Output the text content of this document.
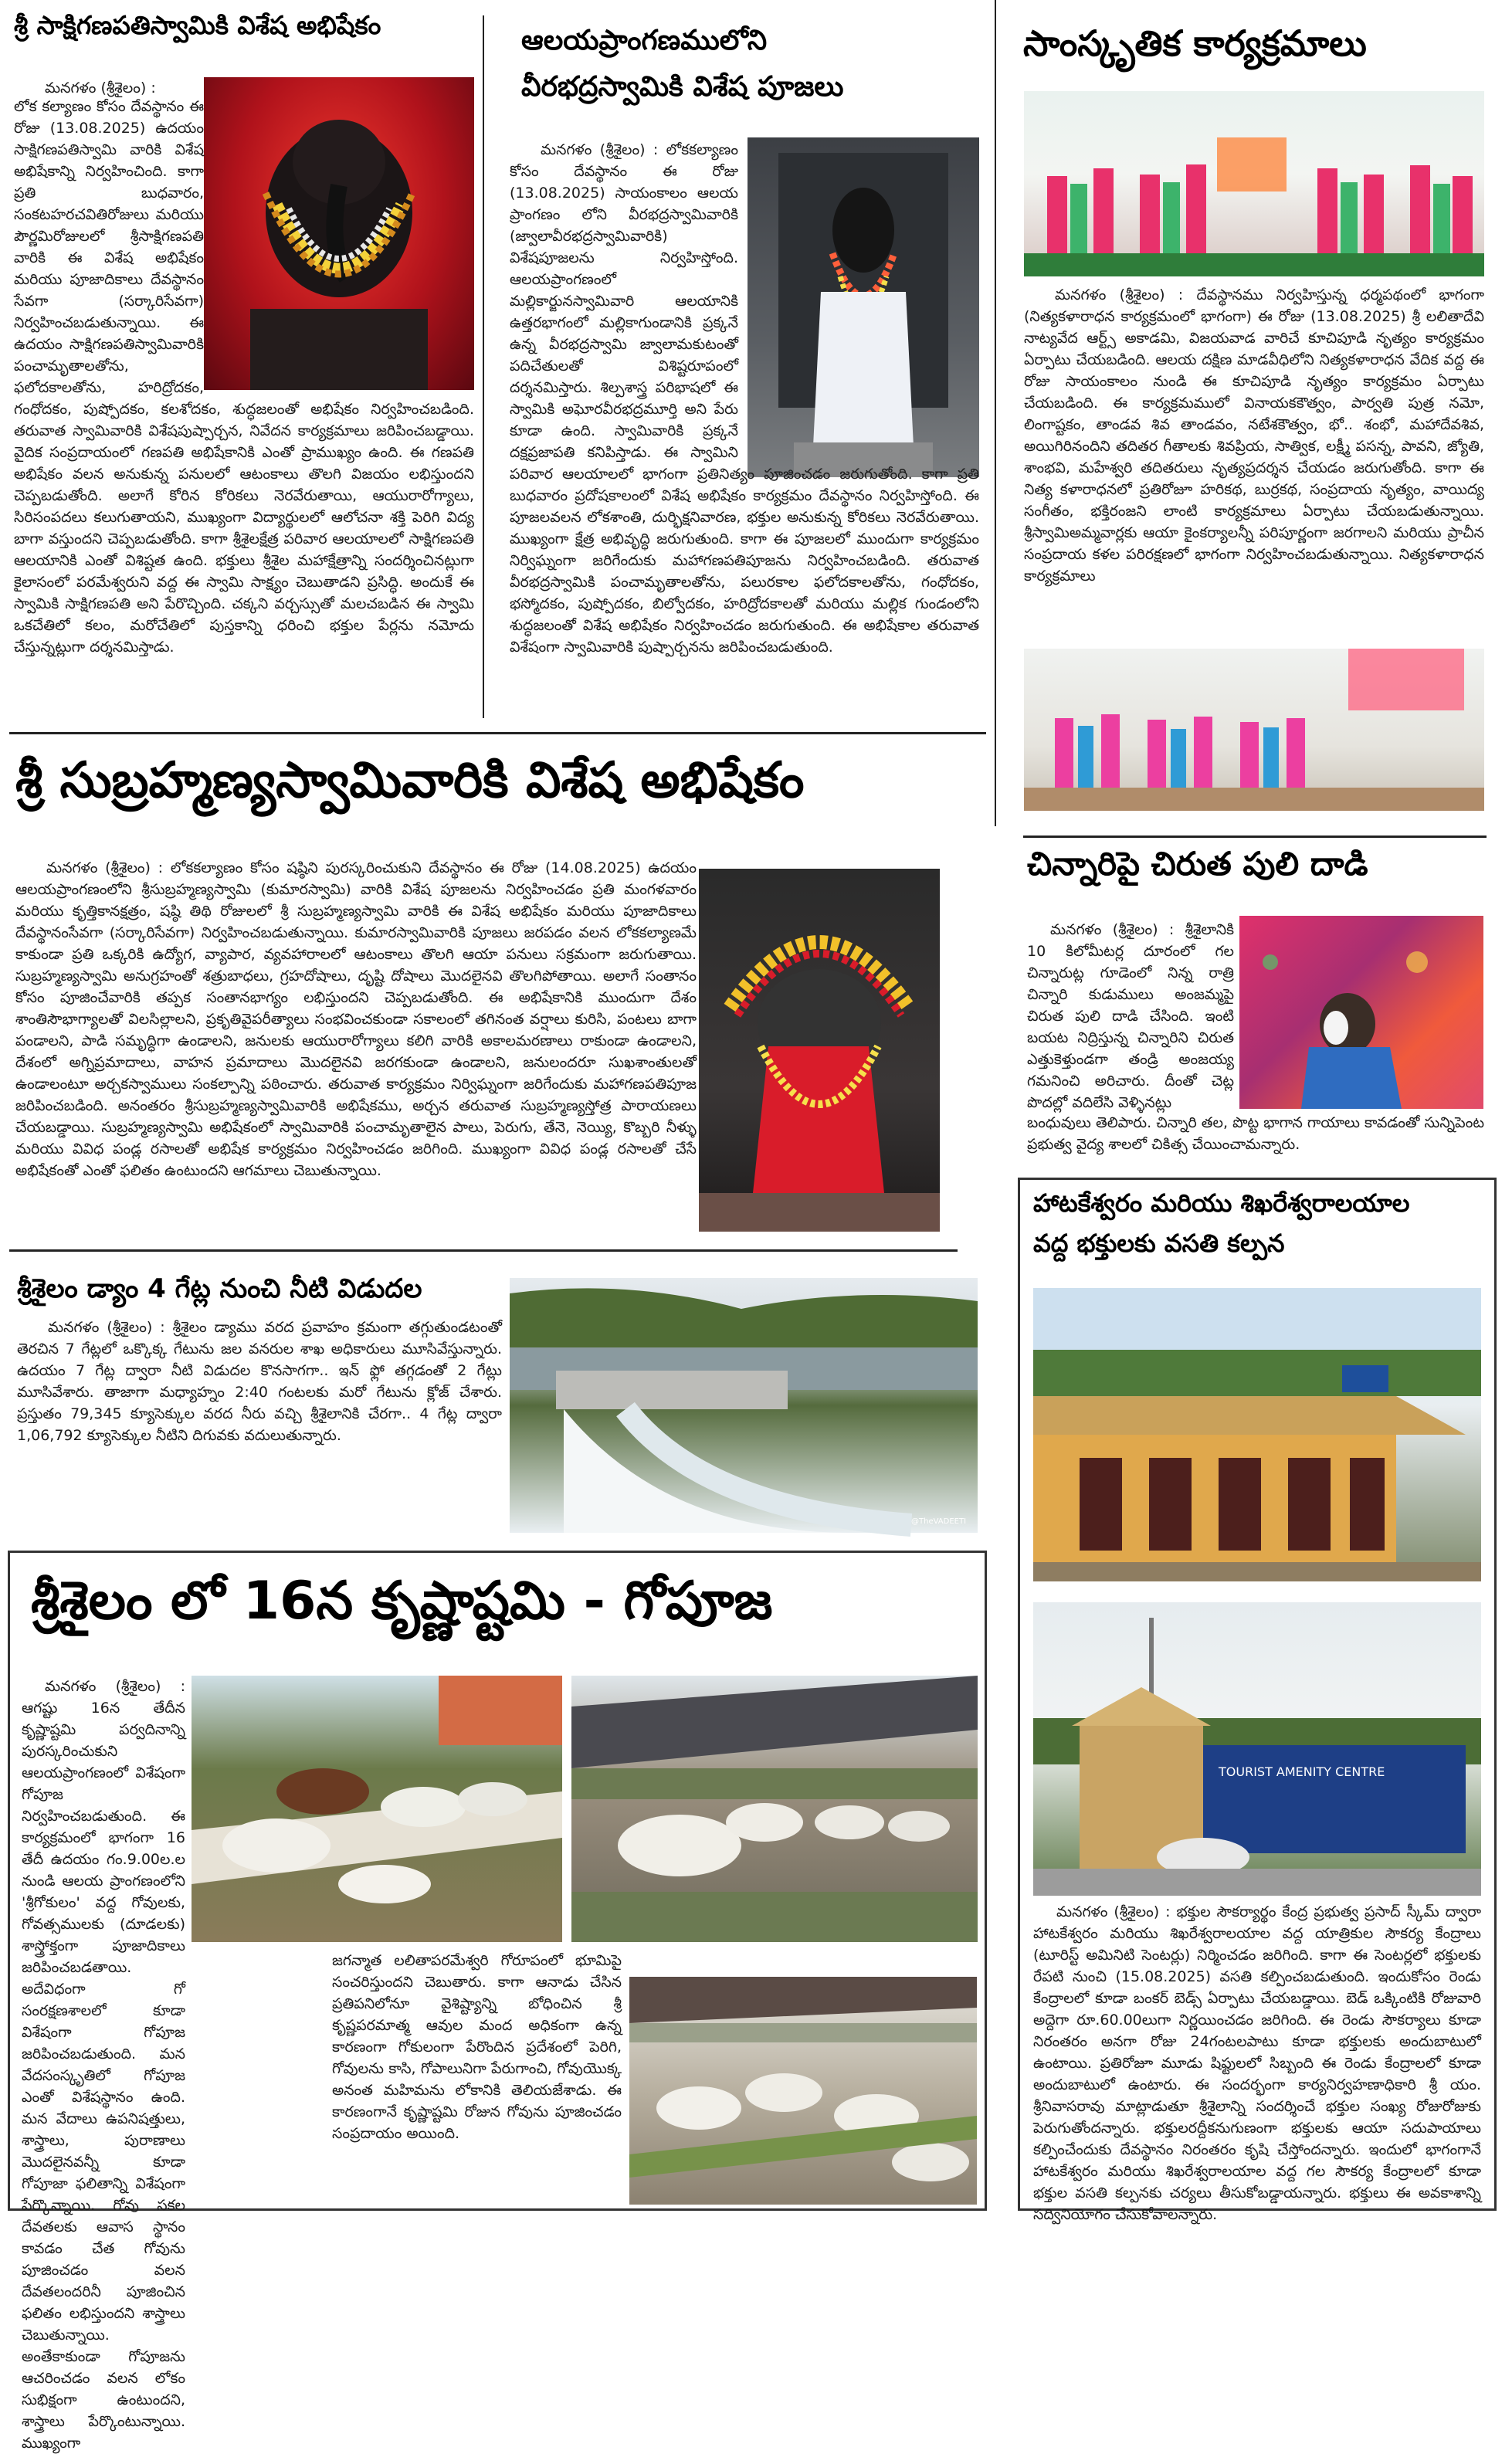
శ్రీ సాక్షిగణపతిస్వామికి విశేష అభిషేకం

మనగళం (శ్రీశైలం) :

లోక కల్యాణం కోసం దేవస్థానం ఈ రోజు (13.08.2025) ఉదయం సాక్షిగణపతిస్వామి వారికి విశేష అభిషేకాన్ని నిర్వహించింది. కాగా ప్రతి బుధవారం, సంకటహరచవితిరోజులు మరియు పౌర్ణమిరోజులలో శ్రీసాక్షిగణపతి వారికి ఈ విశేష అభిషేకం మరియు పూజాదికాలు దేవస్థానం సేవగా (సర్కారిసేవగా) నిర్వహించబడుతున్నాయి. ఈ ఉదయం సాక్షిగణపతిస్వామివారికి పంచామృతాలతోను, ఫలోదకాలతోను, హరిద్రోదకం, గంధోదకం, పుష్పోదకం, కలశోదకం, శుద్ధజలంతో అభిషేకం నిర్వహించబడింది. తరువాత స్వామివారికి విశేషపుష్పార్చన, నివేదన కార్యక్రమాలు జరిపించబడ్డాయి. వైదిక సంప్రదాయంలో గణపతి అభిషేకానికి ఎంతో ప్రాముఖ్యం ఉంది. ఈ గణపతి అభిషేకం వలన అనుకున్న పనులలో ఆటంకాలు తొలగి విజయం లభిస్తుందని చెప్పబడుతోంది. అలాగే కోరిన కోరికలు నెరవేరుతాయి, ఆయురారోగ్యాలు, సిరిసంపదలు కలుగుతాయని, ముఖ్యంగా విద్యార్థులలో ఆలోచనా శక్తి పెరిగి విద్య బాగా వస్తుందని చెప్పబడుతోంది. కాగా శ్రీశైలక్షేత్ర పరివార ఆలయాలలో సాక్షిగణపతి ఆలయానికి ఎంతో విశిష్టత ఉంది. భక్తులు శ్రీశైల మహాక్షేత్రాన్ని సందర్శించినట్లుగా కైలాసంలో పరమేశ్వరుని వద్ద ఈ స్వామి సాక్ష్యం చెబుతాడని ప్రసిద్ధి. అందుకే ఈ స్వామికి సాక్షిగణపతి అని పేరొచ్చింది. చక్కని వర్చస్సుతో మలచబడిన ఈ స్వామి ఒకచేతిలో కలం, మరోచేతిలో పుస్తకాన్ని ధరించి భక్తుల పేర్లను నమోదు చేస్తున్నట్లుగా దర్శనమిస్తాడు.
ఆలయప్రాంగణములోని
వీరభద్రస్వామికి విశేష పూజలు
మనగళం (శ్రీశైలం) : లోకకల్యాణం కోసం దేవస్థానం ఈ రోజు (13.08.2025) సాయంకాలం ఆలయ ప్రాంగణం లోని వీరభద్రస్వామివారికి (జ్వాలావీరభద్రస్వామివారికి) విశేషపూజలను నిర్వహిస్తోంది. ఆలయప్రాంగణంలో మల్లికార్జునస్వామివారి ఆలయానికి ఉత్తరభాగంలో మల్లికాగుండానికి ప్రక్కనే ఉన్న వీరభద్రస్వామి జ్వాలామకుటంతో పదిచేతులతో విశిష్టరూపంలో దర్శనమిస్తారు. శిల్పశాస్త్ర పరిభాషలో ఈ స్వామికి అఘోరవీరభద్రమూర్తి అని పేరు కూడా ఉంది. స్వామివారికి ప్రక్కనే దక్షప్రజాపతి కనిపిస్తాడు. ఈ స్వామిని పరివార ఆలయాలలో భాగంగా ప్రతినిత్యం పూజించడం జరుగుతోంది. కాగా ప్రతి బుధవారం ప్రదోషకాలంలో విశేష అభిషేకం కార్యక్రమం దేవస్థానం నిర్వహిస్తోంది. ఈ పూజలవలన లోకశాంతి, దుర్భిక్షనివారణ, భక్తుల అనుకున్న కోరికలు నెరవేరుతాయి. ముఖ్యంగా క్షేత్ర అభివృద్ధి జరుగుతుంది. కాగా ఈ పూజలలో ముందుగా కార్యక్రమం నిర్విఘ్నంగా జరిగేందుకు మహాగణపతిపూజను నిర్వహించబడింది. తరువాత వీరభద్రస్వామికి పంచామృతాలతోను, పలురకాల ఫలోదకాలతోను, గంధోదకం, భస్మోదకం, పుష్పోదకం, బిల్వోదకం, హరిద్రోదకాలతో మరియు మల్లిక గుండంలోని శుద్ధజలంతో విశేష అభిషేకం నిర్వహించడం జరుగుతుంది. ఈ అభిషేకాల తరువాత విశేషంగా స్వామివారికి పుష్పార్చనను జరిపించబడుతుంది.
సాంస్కృతిక కార్యక్రమాలు
మనగళం (శ్రీశైలం) : దేవస్థానము నిర్వహిస్తున్న ధర్మపథంలో భాగంగా (నిత్యకళారాధన కార్యక్రమంలో భాగంగా) ఈ రోజు (13.08.2025) శ్రీ లలితాదేవి నాట్యవేద ఆర్ట్స్ అకాడమి, విజయవాడ వారిచే కూచిపూడి నృత్యం కార్యక్రమం ఏర్పాటు చేయబడింది. ఆలయ దక్షిణ మాడవీధిలోని నిత్యకళారాధన వేదిక వద్ద ఈ రోజు సాయంకాలం నుండి ఈ కూచిపూడి నృత్యం కార్యక్రమం ఏర్పాటు చేయబడింది. ఈ కార్యక్రమములో వినాయకకౌత్వం, పార్వతి పుత్ర నమో, లింగాష్టకం, తాండవ శివ తాండవం, నటేశకౌత్వం, భో.. శంభో, మహాదేవశివ, అయిగిరినందిని తదితర గీతాలకు శివప్రియ, సాత్విక, లక్ష్మీ పసన్న, పావని, జ్యోతి, శాంభవి, మహేశ్వరి తదితరులు నృత్యప్రదర్శన చేయడం జరుగుతోంది. కాగా ఈ నిత్య కళారాధనలో ప్రతిరోజూ హరికథ, బుర్రకథ, సంప్రదాయ నృత్యం, వాయిద్య సంగీతం, భక్తిరంజని లాంటి కార్యక్రమాలు ఏర్పాటు చేయబడుతున్నాయి. శ్రీస్వామిఅమ్మవార్లకు ఆయా కైంకర్యాలన్నీ పరిపూర్ణంగా జరగాలని మరియు ప్రాచీన సంప్రదాయ కళల పరిరక్షణలో భాగంగా నిర్వహించబడుతున్నాయి. నిత్యకళారాధన కార్యక్రమాలు
శ్రీ సుబ్రహ్మణ్యస్వామివారికి విశేష అభిషేకం
మనగళం (శ్రీశైలం) : లోకకల్యాణం కోసం షష్ఠిని పురస్కరించుకుని దేవస్థానం ఈ రోజు (14.08.2025) ఉదయం ఆలయప్రాంగణంలోని శ్రీసుబ్రహ్మణ్యస్వామి (కుమారస్వామి) వారికి విశేష పూజలను నిర్వహించడం ప్రతి మంగళవారం మరియు కృత్తికానక్షత్రం, షష్ఠి తిథి రోజులలో శ్రీ సుబ్రహ్మణ్యస్వామి వారికి ఈ విశేష అభిషేకం మరియు పూజాదికాలు దేవస్థానంసేవగా (సర్కారిసేవగా) నిర్వహించబడుతున్నాయి. కుమారస్వామివారికి పూజలు జరపడం వలన లోకకల్యాణమే కాకుండా ప్రతి ఒక్కరికి ఉద్యోగ, వ్యాపార, వ్యవహారాలలో ఆటంకాలు తొలగి ఆయా పనులు సక్రమంగా జరుగుతాయి. సుబ్రహ్మణ్యస్వామి అనుగ్రహంతో శత్రుబాధలు, గ్రహదోషాలు, దృష్టి దోషాలు మొదలైనవి తొలగిపోతాయి. అలాగే సంతానం కోసం పూజించేవారికి తప్పక సంతానభాగ్యం లభిస్తుందని చెప్పబడుతోంది. ఈ అభిషేకానికి ముందుగా దేశం శాంతిసౌభాగ్యాలతో విలసిల్లాలని, ప్రకృతివైపరీత్యాలు సంభవించకుండా సకాలంలో తగినంత వర్షాలు కురిసి, పంటలు బాగా పండాలని, పాడి సమృద్ధిగా ఉండాలని, జనులకు ఆయురారోగ్యాలు కలిగి వారికి అకాలమరణాలు రాకుండా ఉండాలని, దేశంలో అగ్నిప్రమాదాలు, వాహన ప్రమాదాలు మొదలైనవి జరగకుండా ఉండాలని, జనులందరూ సుఖశాంతులతో ఉండాలంటూ అర్చకస్వాములు సంకల్పాన్ని పఠించారు. తరువాత కార్యక్రమం నిర్విఘ్నంగా జరిగేందుకు మహాగణపతిపూజ జరిపించబడింది. అనంతరం శ్రీసుబ్రహ్మణ్యస్వామివారికి అభిషేకము, అర్చన తరువాత సుబ్రహ్మణ్యస్తోత్ర పారాయణలు చేయబడ్డాయి. సుబ్రహ్మణ్యస్వామి అభిషేకంలో స్వామివారికి పంచామృతాలైన పాలు, పెరుగు, తేనె, నెయ్యి, కొబ్బరి నీళ్ళు మరియు వివిధ పండ్ల రసాలతో అభిషేక కార్యక్రమం నిర్వహించడం జరిగింది. ముఖ్యంగా వివిధ పండ్ల రసాలతో చేసే అభిషేకంతో ఎంతో ఫలితం ఉంటుందని ఆగమాలు చెబుతున్నాయి.
చిన్నారిపై చిరుత పులి దాడి
మనగళం (శ్రీశైలం) : శ్రీశైలానికి 10 కిలోమీటర్ల దూరంలో గల చిన్నారుట్ల గూడెంలో నిన్న రాత్రి చిన్నారి కుడుములు అంజమ్మపై చిరుత పులి దాడి చేసింది. ఇంటి బయట నిద్రిస్తున్న చిన్నారిని చిరుత ఎత్తుకెళ్తుండగా తండ్రి అంజయ్య గమనించి అరిచారు. దీంతో చెట్ల పొదల్లో వదిలేసి వెళ్ళినట్లు
బంధువులు తెలిపారు. చిన్నారి తల, పొట్ట భాగాన గాయాలు కావడంతో సున్నిపెంట ప్రభుత్వ వైద్య శాలలో చికిత్స చేయించామన్నారు.
హాటకేశ్వరం మరియు శిఖరేశ్వరాలయాల
వద్ద భక్తులకు వసతి కల్పన
TOURIST AMENITY CENTRE
మనగళం (శ్రీశైలం) : భక్తుల సౌకర్యార్థం కేంద్ర ప్రభుత్వ ప్రసాద్ స్కీమ్ ద్వారా హాటకేశ్వరం మరియు శిఖరేశ్వరాలయాల వద్ద యాత్రికుల సౌకర్య కేంద్రాలు (టూరిస్ట్ అమినిటి సెంటర్లు) నిర్మించడం జరిగింది. కాగా ఈ సెంటర్లలో భక్తులకు రేపటి నుంచి (15.08.2025) వసతి కల్పించబడుతుంది. ఇందుకోసం రెండు కేంద్రాలలో కూడా బంకర్ బెడ్స్ ఏర్పాటు చేయబడ్డాయి. బెడ్ ఒక్కింటికి రోజువారి అద్దెగా రూ.60.00లుగా నిర్ణయించడం జరిగింది. ఈ రెండు సౌకర్యాలు కూడా నిరంతరం అనగా రోజు 24గంటలపాటు కూడా భక్తులకు అందుబాటులో ఉంటాయి. ప్రతిరోజూ మూడు షిఫ్టులలో సిబ్బంది ఈ రెండు కేంద్రాలలో కూడా అందుబాటులో ఉంటారు. ఈ సందర్భంగా కార్యనిర్వహణాధికారి శ్రీ యం. శ్రీనివాసరావు మాట్లాడుతూ శ్రీశైలాన్ని సందర్శించే భక్తుల సంఖ్య రోజురోజుకు పెరుగుతోందన్నారు. భక్తులరద్దీకనుగుణంగా భక్తులకు ఆయా సదుపాయాలు కల్పించేందుకు దేవస్థానం నిరంతరం కృషి చేస్తోందన్నారు. ఇందులో భాగంగానే హాటకేశ్వరం మరియు శిఖరేశ్వరాలయాల వద్ద గల సౌకర్య కేంద్రాలలో కూడా భక్తుల వసతి కల్పనకు చర్యలు తీసుకోబడ్డాయన్నారు. భక్తులు ఈ అవకాశాన్ని సద్వినియోగం చేసుకోవాలన్నారు.
శ్రీశైలం డ్యాం 4 గేట్ల నుంచి నీటి విడుదల
@TheVADEETI
మనగళం (శ్రీశైలం) : శ్రీశైలం డ్యాము వరద ప్రవాహం క్రమంగా తగ్గుతుండటంతో తెరచిన 7 గేట్లలో ఒక్కొక్క గేటును జల వనరుల శాఖ అధికారులు మూసివేస్తున్నారు. ఉదయం 7 గేట్ల ద్వారా నీటి విడుదల కొనసాగగా.. ఇన్ ఫ్లో తగ్గడంతో 2 గేట్లు మూసివేశారు. తాజాగా మధ్యాహ్నం 2:40 గంటలకు మరో గేటును క్లోజ్ చేశారు. ప్రస్తుతం 79,345 క్యూసెక్కుల వరద నీరు వచ్చి శ్రీశైలానికి చేరగా.. 4 గేట్ల ద్వారా 1,06,792 క్యూసెక్కుల నీటిని దిగువకు వదులుతున్నారు.
శ్రీశైలం లో 16న కృష్ణాష్టమి - గోపూజ
మనగళం (శ్రీశైలం) : ఆగష్టు 16న తేదీన కృష్ణాష్టమి పర్వదినాన్ని పురస్కరించుకుని ఆలయప్రాంగణంలో విశేషంగా గోపూజ నిర్వహించబడుతుంది. ఈ కార్యక్రమంలో భాగంగా 16 తేదీ ఉదయం గం.9.00ల.ల నుండి ఆలయ ప్రాంగణంలోని 'శ్రీగోకులం' వద్ద గోవులకు, గోవత్సములకు (దూడలకు) శాస్త్రోక్తంగా పూజాదికాలు జరిపించబడతాయి. అదేవిధంగా గో సంరక్షణశాలలో కూడా విశేషంగా గోపూజ జరిపించబడుతుంది. మన వేదసంస్కృతిలో గోపూజ ఎంతో విశేషస్థానం ఉంది. మన వేదాలు ఉపనిషత్తులు, శాస్త్రాలు, పురాణాలు మొదలైనవన్నీ కూడా గోపూజా ఫలితాన్ని విశేషంగా పేర్కొన్నాయి. గోవు సకల దేవతలకు ఆవాస స్థానం కావడం చేత గోవును పూజించడం వలన దేవతలందరినీ పూజించిన ఫలితం లభిస్తుందని శాస్త్రాలు చెబుతున్నాయి. అంతేకాకుండా గోపూజను ఆచరించడం వలన లోకం సుభిక్షంగా ఉంటుందని, శాస్త్రాలు పేర్కొంటున్నాయి. ముఖ్యంగా
జగన్మాత లలితాపరమేశ్వరి గోరూపంలో భూమిపై సంచరిస్తుందని చెబుతారు. కాగా ఆనాడు చేసిన ప్రతిపనిలోనూ వైశిష్ట్యాన్ని బోధించిన శ్రీ కృష్ణపరమాత్మ ఆవుల మంద అధికంగా ఉన్న కారణంగా గోకులంగా పేరొందిన ప్రదేశంలో పెరిగి, గోవులను కాసి, గోపాలునిగా పేరుగాంచి, గోవుయొక్క అనంత మహిమను లోకానికి తెలియజేశాడు. ఈ కారణంగానే కృష్ణాష్టమి రోజున గోవును పూజించడం సంప్రదాయం అయింది.
